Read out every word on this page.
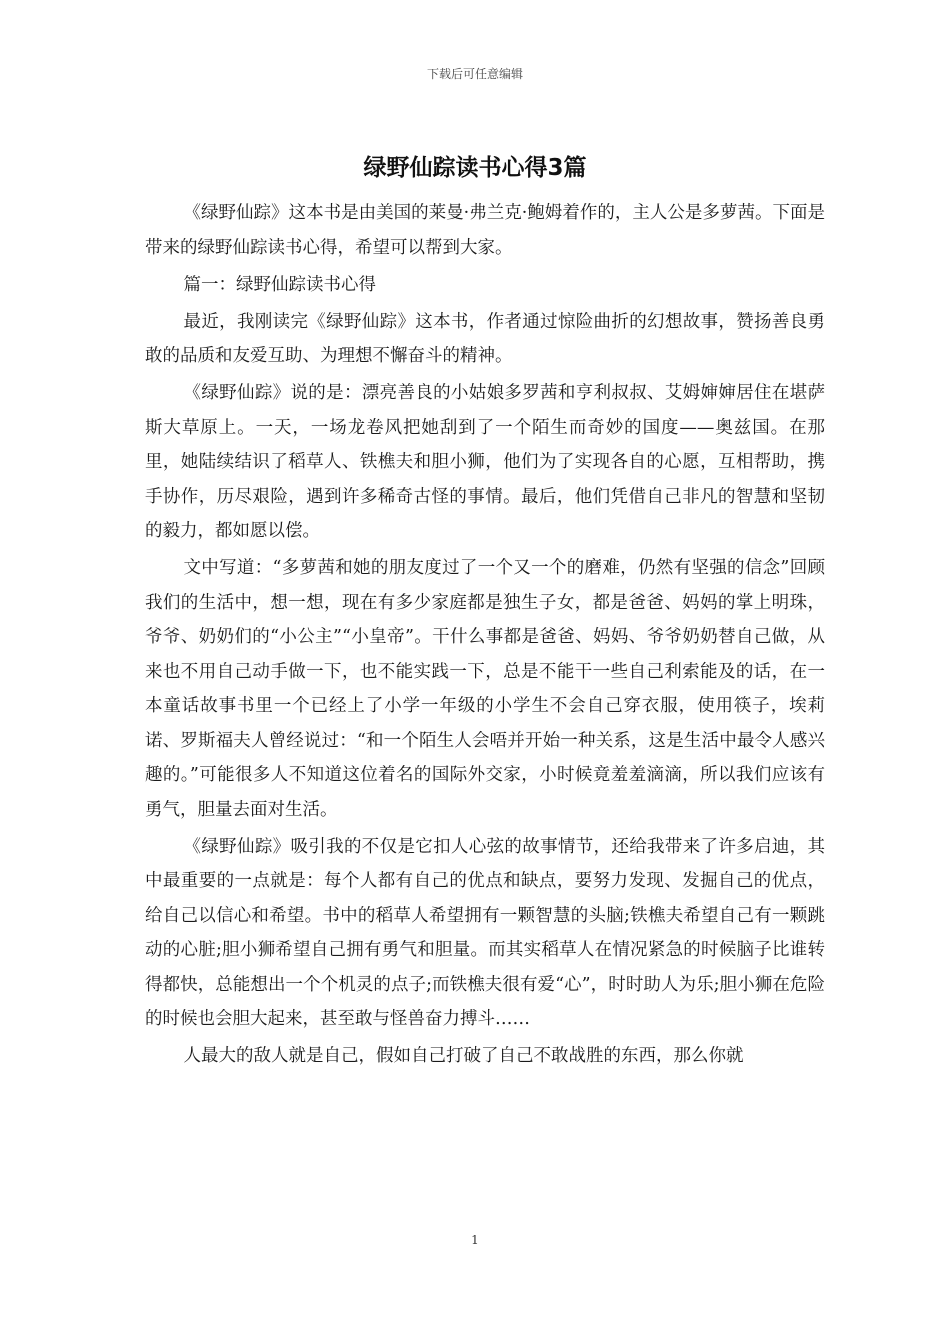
下载后可任意编辑
绿野仙踪读书心得3篇

《绿野仙踪》这本书是由美国的莱曼·弗兰克·鲍姆着作的，主人公是多萝茜。下面是带来的绿野仙踪读书心得，希望可以帮到大家。

篇一：绿野仙踪读书心得

最近，我刚读完《绿野仙踪》这本书，作者通过惊险曲折的幻想故事，赞扬善良勇敢的品质和友爱互助、为理想不懈奋斗的精神。

《绿野仙踪》说的是：漂亮善良的小姑娘多罗茜和亨利叔叔、艾姆婶婶居住在堪萨斯大草原上。一天，一场龙卷风把她刮到了一个陌生而奇妙的国度——奥兹国。在那里，她陆续结识了稻草人、铁樵夫和胆小狮，他们为了实现各自的心愿，互相帮助，携手协作，历尽艰险，遇到许多稀奇古怪的事情。最后，他们凭借自己非凡的智慧和坚韧的毅力，都如愿以偿。

文中写道：“多萝茜和她的朋友度过了一个又一个的磨难，仍然有坚强的信念”回顾我们的生活中，想一想，现在有多少家庭都是独生子女，都是爸爸、妈妈的掌上明珠，爷爷、奶奶们的“小公主”“小皇帝”。干什么事都是爸爸、妈妈、爷爷奶奶替自己做，从来也不用自己动手做一下，也不能实践一下，总是不能干一些自己利索能及的话，在一本童话故事书里一个已经上了小学一年级的小学生不会自己穿衣服，使用筷子，埃莉诺、罗斯福夫人曾经说过：“和一个陌生人会唔并开始一种关系，这是生活中最令人感兴趣的。”可能很多人不知道这位着名的国际外交家，小时候竟羞羞滴滴，所以我们应该有勇气，胆量去面对生活。

《绿野仙踪》吸引我的不仅是它扣人心弦的故事情节，还给我带来了许多启迪，其中最重要的一点就是：每个人都有自己的优点和缺点，要努力发现、发掘自己的优点，给自己以信心和希望。书中的稻草人希望拥有一颗智慧的头脑;铁樵夫希望自己有一颗跳动的心脏;胆小狮希望自己拥有勇气和胆量。而其实稻草人在情况紧急的时候脑子比谁转得都快，总能想出一个个机灵的点子;而铁樵夫很有爱“心”，时时助人为乐;胆小狮在危险的时候也会胆大起来，甚至敢与怪兽奋力搏斗……

人最大的敌人就是自己，假如自己打破了自己不敢战胜的东西，那么你就

1
